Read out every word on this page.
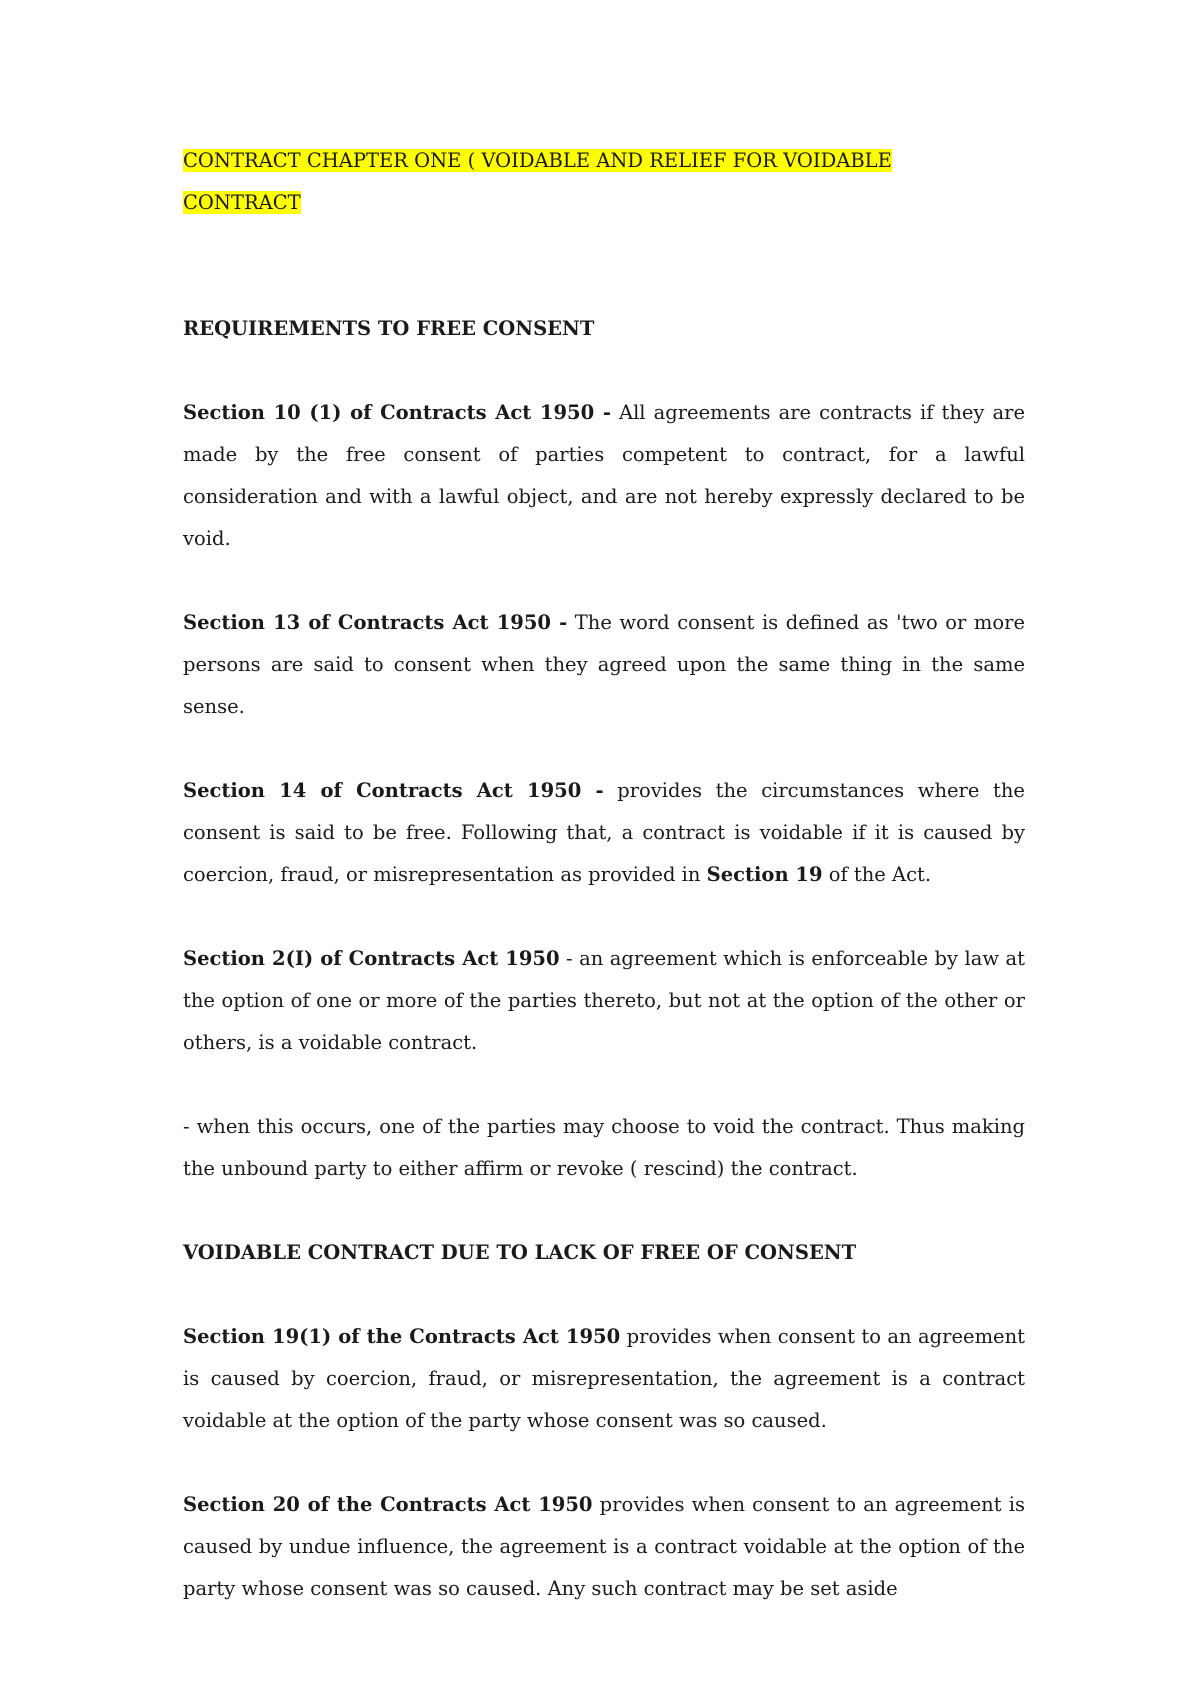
CONTRACT CHAPTER ONE ( VOIDABLE AND RELIEF FOR VOIDABLE
CONTRACT

REQUIREMENTS TO FREE CONSENT

Section 10 (1) of Contracts Act 1950 - All agreements are contracts if they are made by the free consent of parties competent to contract, for a lawful consideration and with a lawful object, and are not hereby expressly declared to be void.

Section 13 of Contracts Act 1950 - The word consent is defined as 'two or more persons are said to consent when they agreed upon the same thing in the same sense.

Section 14 of Contracts Act 1950 - provides the circumstances where the consent is said to be free. Following that, a contract is voidable if it is caused by coercion, fraud, or misrepresentation as provided in Section 19 of the Act.

Section 2(I) of Contracts Act 1950 - an agreement which is enforceable by law at the option of one or more of the parties thereto, but not at the option of the other or others, is a voidable contract.

- when this occurs, one of the parties may choose to void the contract. Thus making the unbound party to either affirm or revoke ( rescind) the contract.

VOIDABLE CONTRACT DUE TO LACK OF FREE OF CONSENT

Section 19(1) of the Contracts Act 1950 provides when consent to an agreement is caused by coercion, fraud, or misrepresentation, the agreement is a contract voidable at the option of the party whose consent was so caused.

Section 20 of the Contracts Act 1950 provides when consent to an agreement is caused by undue influence, the agreement is a contract voidable at the option of the party whose consent was so caused. Any such contract may be set aside
